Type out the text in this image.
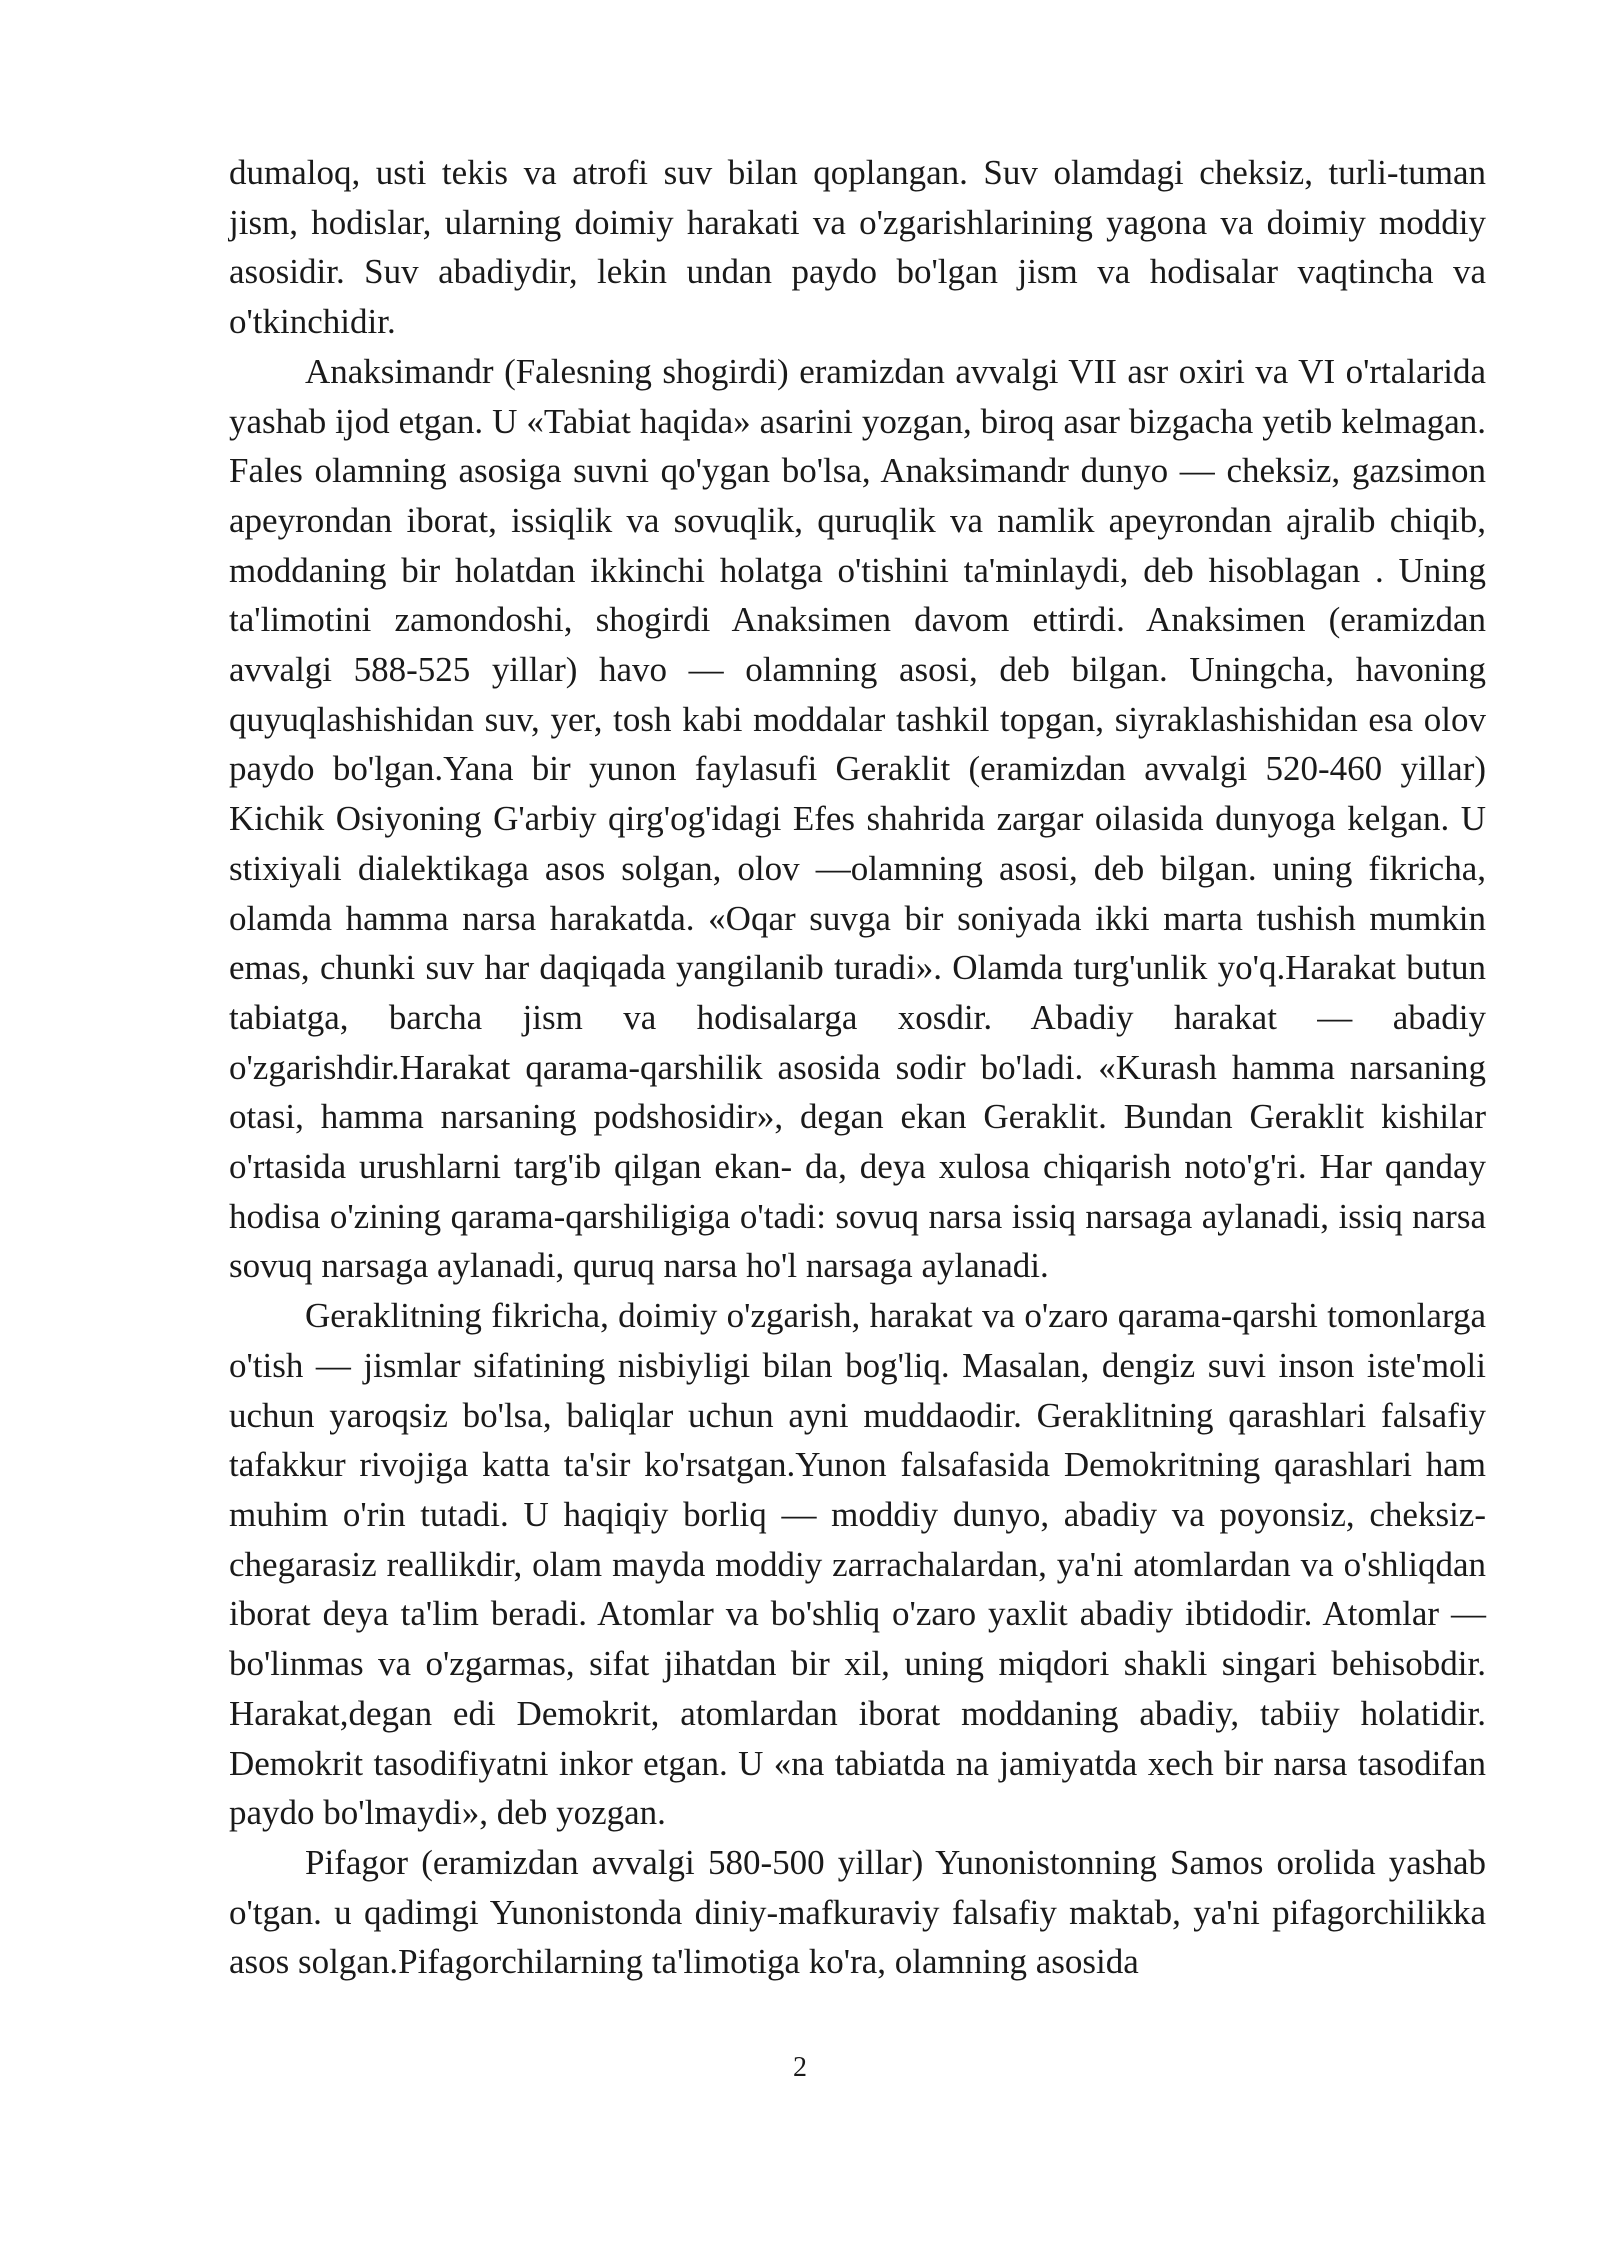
dumaloq, usti tekis va atrofi suv bilan qoplangan. Suv olamdagi cheksiz, turli-tuman jism, hodislar, ularning doimiy harakati va o'zgarishlarining yagona va doimiy moddiy asosidir. Suv abadiydir, lekin undan paydo bo'lgan jism va hodisalar vaqtincha va o'tkinchidir.

Anaksimandr (Falesning shogirdi) eramizdan avvalgi VII asr oxiri va VI o'rtalarida yashab ijod etgan. U «Tabiat haqida» asarini yozgan, biroq asar bizgacha yetib kelmagan. Fales olamning asosiga suvni qo'ygan bo'lsa, Anaksimandr dunyo — cheksiz, gazsimon apeyrondan iborat, issiqlik va sovuqlik, quruqlik va namlik apeyrondan ajralib chiqib, moddaning bir holatdan ikkinchi holatga o'tishini ta'minlaydi, deb hisoblagan . Uning ta'limotini zamondoshi, shogirdi Anaksimen davom ettirdi. Anaksimen (eramizdan avvalgi 588-525 yillar) havo — olamning asosi, deb bilgan. Uningcha, havoning quyuqlashishidan suv, yer, tosh kabi moddalar tashkil topgan, siyraklashishidan esa olov paydo bo'lgan.Yana bir yunon faylasufi Geraklit (eramizdan avvalgi 520-460 yillar) Kichik Osiyoning G'arbiy qirg'og'idagi Efes shahrida zargar oilasida dunyoga kelgan. U stixiyali dialektikaga asos solgan, olov —olamning asosi, deb bilgan. uning fikricha, olamda hamma narsa harakatda. «Oqar suvga bir soniyada ikki marta tushish mumkin emas, chunki suv har daqiqada yangilanib turadi». Olamda turg'unlik yo'q.Harakat butun tabiatga, barcha jism va hodisalarga xosdir. Abadiy harakat — abadiy o'zgarishdir.Harakat qarama-qarshilik asosida sodir bo'ladi. «Kurash hamma narsaning otasi, hamma narsaning podshosidir», degan ekan Geraklit. Bundan Geraklit kishilar o'rtasida urushlarni targ'ib qilgan ekan- da, deya xulosa chiqarish noto'g'ri. Har qanday hodisa o'zining qarama-qarshiligiga o'tadi: sovuq narsa issiq narsaga aylanadi, issiq narsa sovuq narsaga aylanadi, quruq narsa ho'l narsaga aylanadi.

Geraklitning fikricha, doimiy o'zgarish, harakat va o'zaro qarama-qarshi tomonlarga o'tish — jismlar sifatining nisbiyligi bilan bog'liq. Masalan, dengiz suvi inson iste'moli uchun yaroqsiz bo'lsa, baliqlar uchun ayni muddaodir. Geraklitning qarashlari falsafiy tafakkur rivojiga katta ta'sir ko'rsatgan.Yunon falsafasida Demokritning qarashlari ham muhim o'rin tutadi. U haqiqiy borliq — moddiy dunyo, abadiy va poyonsiz, cheksiz-chegarasiz reallikdir, olam mayda moddiy zarrachalardan, ya'ni atomlardan va o'shliqdan iborat deya ta'lim beradi. Atomlar va bo'shliq o'zaro yaxlit abadiy ibtidodir. Atomlar —bo'linmas va o'zgarmas, sifat jihatdan bir xil, uning miqdori shakli singari behisobdir. Harakat,degan edi Demokrit, atomlardan iborat moddaning abadiy, tabiiy holatidir. Demokrit tasodifiyatni inkor etgan. U «na tabiatda na jamiyatda xech bir narsa tasodifan paydo bo'lmaydi», deb yozgan.

Pifagor (eramizdan avvalgi 580-500 yillar) Yunonistonning Samos orolida yashab o'tgan. u qadimgi Yunonistonda diniy-mafkuraviy falsafiy maktab, ya'ni pifagorchilikka asos solgan.Pifagorchilarning ta'limotiga ko'ra, olamning asosida

2
